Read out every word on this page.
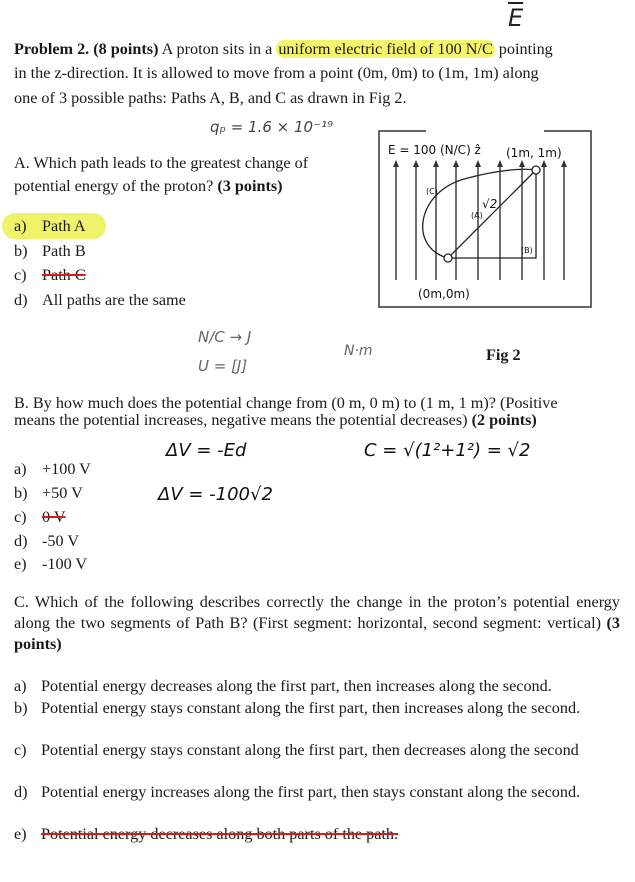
$\overline{E}$
Problem 2. (8 points) A proton sits in a uniform electric field of 100 N/C pointing
in the z-direction. It is allowed to move from a point (0m, 0m) to (1m, 1m) along
one of 3 possible paths: Paths A, B, and C as drawn in Fig 2.
qₚ = 1.6 × 10⁻¹⁹
A. Which path leads to the greatest change of
potential energy of the proton? (3 points)
a) Path A
b) Path B
c) Path C
d) All paths are the same
E = 100 (N/C) ẑ (1m, 1m)
(0m,0m)
(C)
(A)
(B)
√2
Fig 2
N/C → J
U = [J]
N·m
B. By how much does the potential change from (0 m, 0 m) to (1 m, 1 m)? (Positive
means the potential increases, negative means the potential decreases) (2 points)
ΔV = -Ed	C = √(1²+1²) = √2
ΔV = -100√2
a) +100 V
b) +50 V
c) 0 V
d) -50 V
e) -100 V
C. Which of the following describes correctly the change in the proton’s potential energy along the two segments of Path B? (First segment: horizontal, second segment: vertical) (3 points)
a) Potential energy decreases along the first part, then increases along the second.
b) Potential energy stays constant along the first part, then increases along the second.
c) Potential energy stays constant along the first part, then decreases along the second
d) Potential energy increases along the first part, then stays constant along the second.
e) Potential energy decreases along both parts of the path.
